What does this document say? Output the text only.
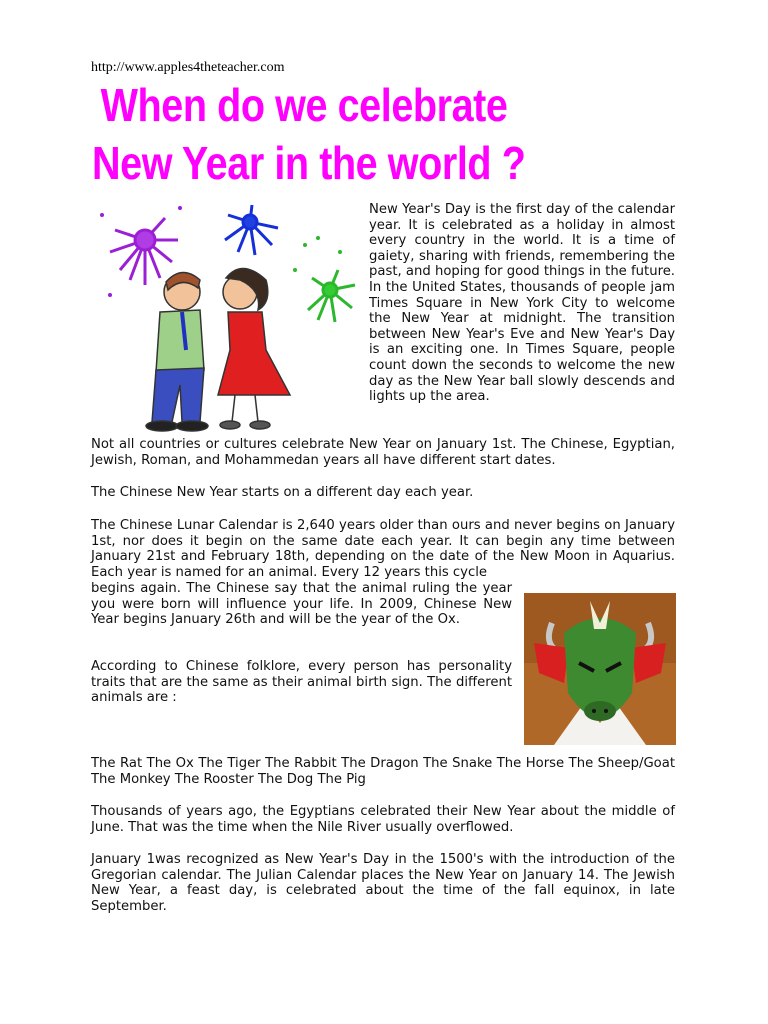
http://www.apples4theteacher.com
When do we celebrate
New Year in the world ?

New Year's Day is the first day of the calendar year. It is celebrated as a holiday in almost every country in the world. It is a time of gaiety, sharing with friends, remembering the past, and hoping for good things in the future. In the United States, thousands of people jam Times Square in New York City to welcome the New Year at midnight. The transition between New Year's Eve and New Year's Day is an exciting one. In Times Square, people count down the seconds to welcome the new day as the New Year ball slowly descends and lights up the area.

Not all countries or cultures celebrate New Year on January 1st. The Chinese, Egyptian, Jewish, Roman, and Mohammedan years all have different start dates.

The Chinese New Year starts on a different day each year.

The Chinese Lunar Calendar is 2,640 years older than ours and never begins on January 1st, nor does it begin on the same date each year. It can begin any time between January 21st and February 18th, depending on the date of the New Moon in Aquarius. Each year is named for an animal. Every 12 years this cycle

begins again. The Chinese say that the animal ruling the year you were born will influence your life. In 2009, Chinese New Year begins January 26th and will be the year of the Ox.

According to Chinese folklore, every person has personality traits that are the same as their animal birth sign. The different animals are :

The Rat The Ox The Tiger The Rabbit The Dragon The Snake The Horse The Sheep/Goat The Monkey The Rooster The Dog The Pig

Thousands of years ago, the Egyptians celebrated their New Year about the middle of June. That was the time when the Nile River usually overflowed.

January 1was recognized as New Year's Day in the 1500's with the introduction of the Gregorian calendar. The Julian Calendar places the New Year on January 14. The Jewish New Year, a feast day, is celebrated about the time of the fall equinox, in late September.
